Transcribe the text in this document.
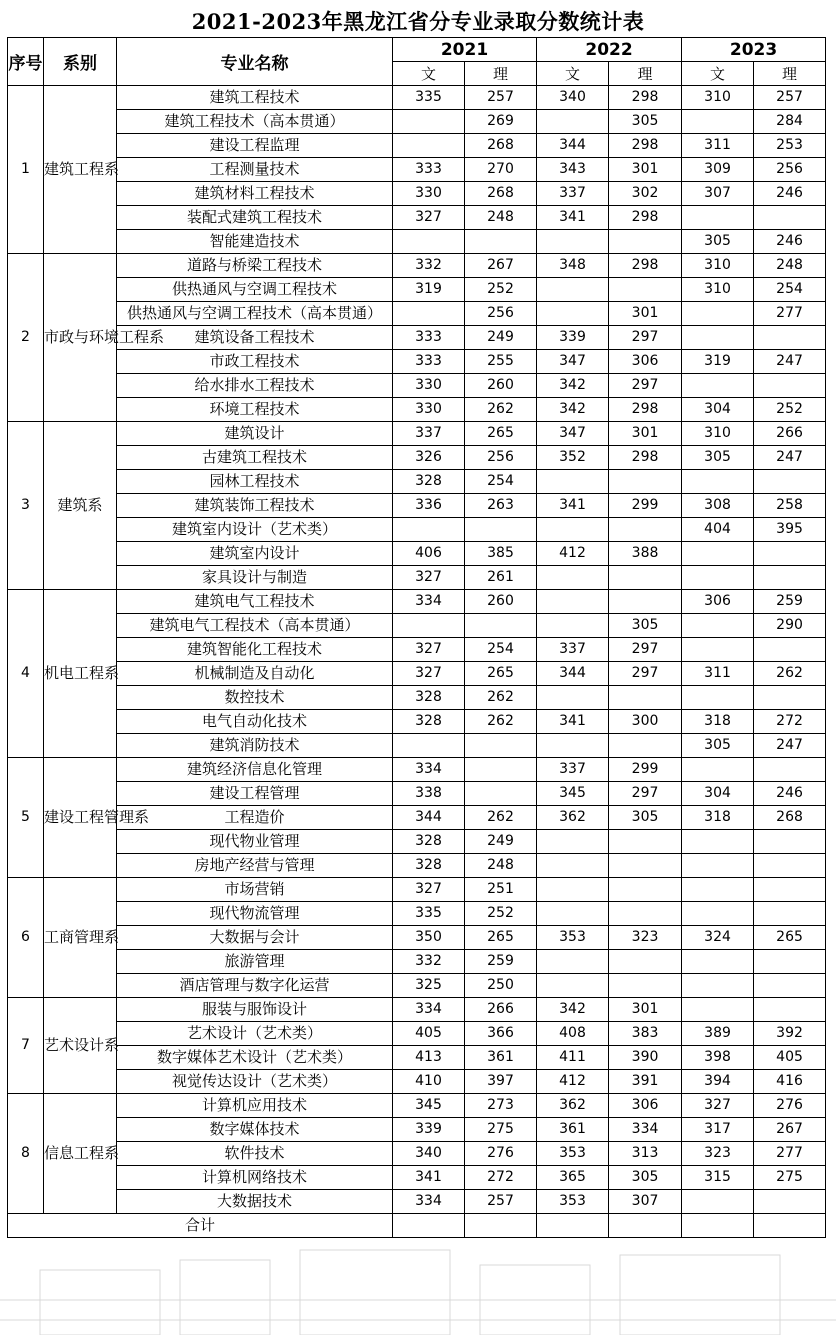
2021-2023年黑龙江省分专业录取分数统计表
序号	系别	专业名称	2021		2022		2023	
			文	理	文	理	文	理
1	建筑工程系	建筑工程技术	335	257	340	298	310	257
		建筑工程技术（高本贯通）		269		305		284
		建设工程监理		268	344	298	311	253
		工程测量技术	333	270	343	301	309	256
		建筑材料工程技术	330	268	337	302	307	246
		装配式建筑工程技术	327	248	341	298		
		智能建造技术					305	246
2	市政与环境工程系	道路与桥梁工程技术	332	267	348	298	310	248
		供热通风与空调工程技术	319	252			310	254
		供热通风与空调工程技术（高本贯通）		256		301		277
		建筑设备工程技术	333	249	339	297		
		市政工程技术	333	255	347	306	319	247
		给水排水工程技术	330	260	342	297		
		环境工程技术	330	262	342	298	304	252
3	建筑系	建筑设计	337	265	347	301	310	266
		古建筑工程技术	326	256	352	298	305	247
		园林工程技术	328	254				
		建筑装饰工程技术	336	263	341	299	308	258
		建筑室内设计（艺术类）					404	395
		建筑室内设计	406	385	412	388		
		家具设计与制造	327	261				
4	机电工程系	建筑电气工程技术	334	260			306	259
		建筑电气工程技术（高本贯通）				305		290
		建筑智能化工程技术	327	254	337	297		
		机械制造及自动化	327	265	344	297	311	262
		数控技术	328	262				
		电气自动化技术	328	262	341	300	318	272
		建筑消防技术					305	247
5	建设工程管理系	建筑经济信息化管理	334		337	299		
		建设工程管理	338		345	297	304	246
		工程造价	344	262	362	305	318	268
		现代物业管理	328	249				
		房地产经营与管理	328	248				
6	工商管理系	市场营销	327	251				
		现代物流管理	335	252				
		大数据与会计	350	265	353	323	324	265
		旅游管理	332	259				
		酒店管理与数字化运营	325	250				
7	艺术设计系	服装与服饰设计	334	266	342	301		
		艺术设计（艺术类）	405	366	408	383	389	392
		数字媒体艺术设计（艺术类）	413	361	411	390	398	405
		视觉传达设计（艺术类）	410	397	412	391	394	416
8	信息工程系	计算机应用技术	345	273	362	306	327	276
		数字媒体技术	339	275	361	334	317	267
		软件技术	340	276	353	313	323	277
		计算机网络技术	341	272	365	305	315	275
		大数据技术	334	257	353	307		
合计								
